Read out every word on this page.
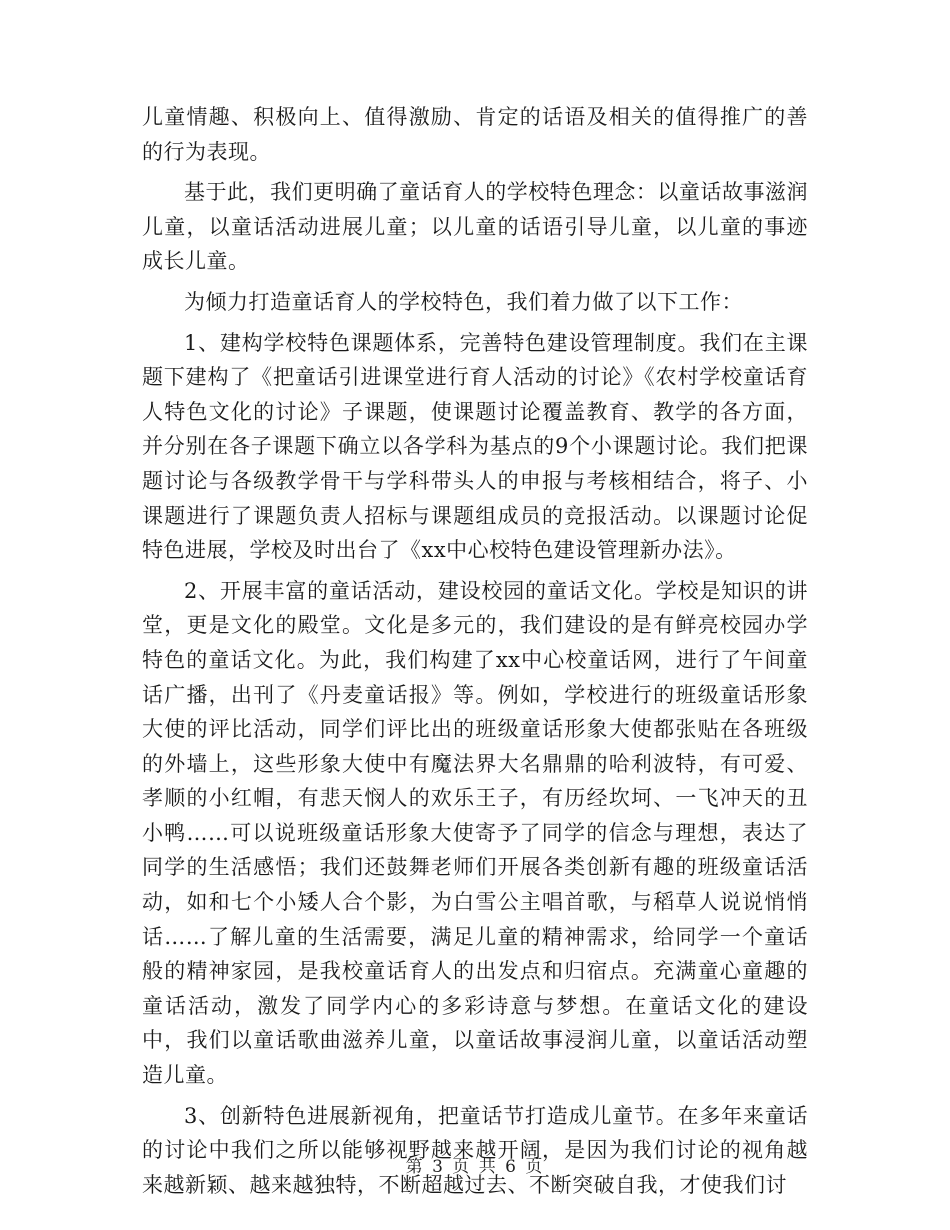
儿童情趣、积极向上、值得激励、肯定的话语及相关的值得推广的善的行为表现。

基于此，我们更明确了童话育人的学校特色理念：以童话故事滋润儿童，以童话活动进展儿童；以儿童的话语引导儿童，以儿童的事迹成长儿童。

为倾力打造童话育人的学校特色，我们着力做了以下工作：

1、建构学校特色课题体系，完善特色建设管理制度。我们在主课题下建构了《把童话引进课堂进行育人活动的讨论》《农村学校童话育人特色文化的讨论》子课题，使课题讨论覆盖教育、教学的各方面，并分别在各子课题下确立以各学科为基点的9个小课题讨论。我们把课题讨论与各级教学骨干与学科带头人的申报与考核相结合，将子、小课题进行了课题负责人招标与课题组成员的竞报活动。以课题讨论促特色进展，学校及时出台了《xx中心校特色建设管理新办法》。

2、开展丰富的童话活动，建设校园的童话文化。学校是知识的讲堂，更是文化的殿堂。文化是多元的，我们建设的是有鲜亮校园办学特色的童话文化。为此，我们构建了xx中心校童话网，进行了午间童话广播，出刊了《丹麦童话报》等。例如，学校进行的班级童话形象大使的评比活动，同学们评比出的班级童话形象大使都张贴在各班级的外墙上，这些形象大使中有魔法界大名鼎鼎的哈利波特，有可爱、孝顺的小红帽，有悲天悯人的欢乐王子，有历经坎坷、一飞冲天的丑小鸭……可以说班级童话形象大使寄予了同学的信念与理想，表达了同学的生活感悟；我们还鼓舞老师们开展各类创新有趣的班级童话活动，如和七个小矮人合个影，为白雪公主唱首歌，与稻草人说说悄悄话……了解儿童的生活需要，满足儿童的精神需求，给同学一个童话般的精神家园，是我校童话育人的出发点和归宿点。充满童心童趣的童话活动，激发了同学内心的多彩诗意与梦想。在童话文化的建设中，我们以童话歌曲滋养儿童，以童话故事浸润儿童，以童话活动塑造儿童。

3、创新特色进展新视角，把童话节打造成儿童节。在多年来童话的讨论中我们之所以能够视野越来越开阔，是因为我们讨论的视角越来越新颖、越来越独特，不断超越过去、不断突破自我，才使我们讨

第 3 页 共 6 页
